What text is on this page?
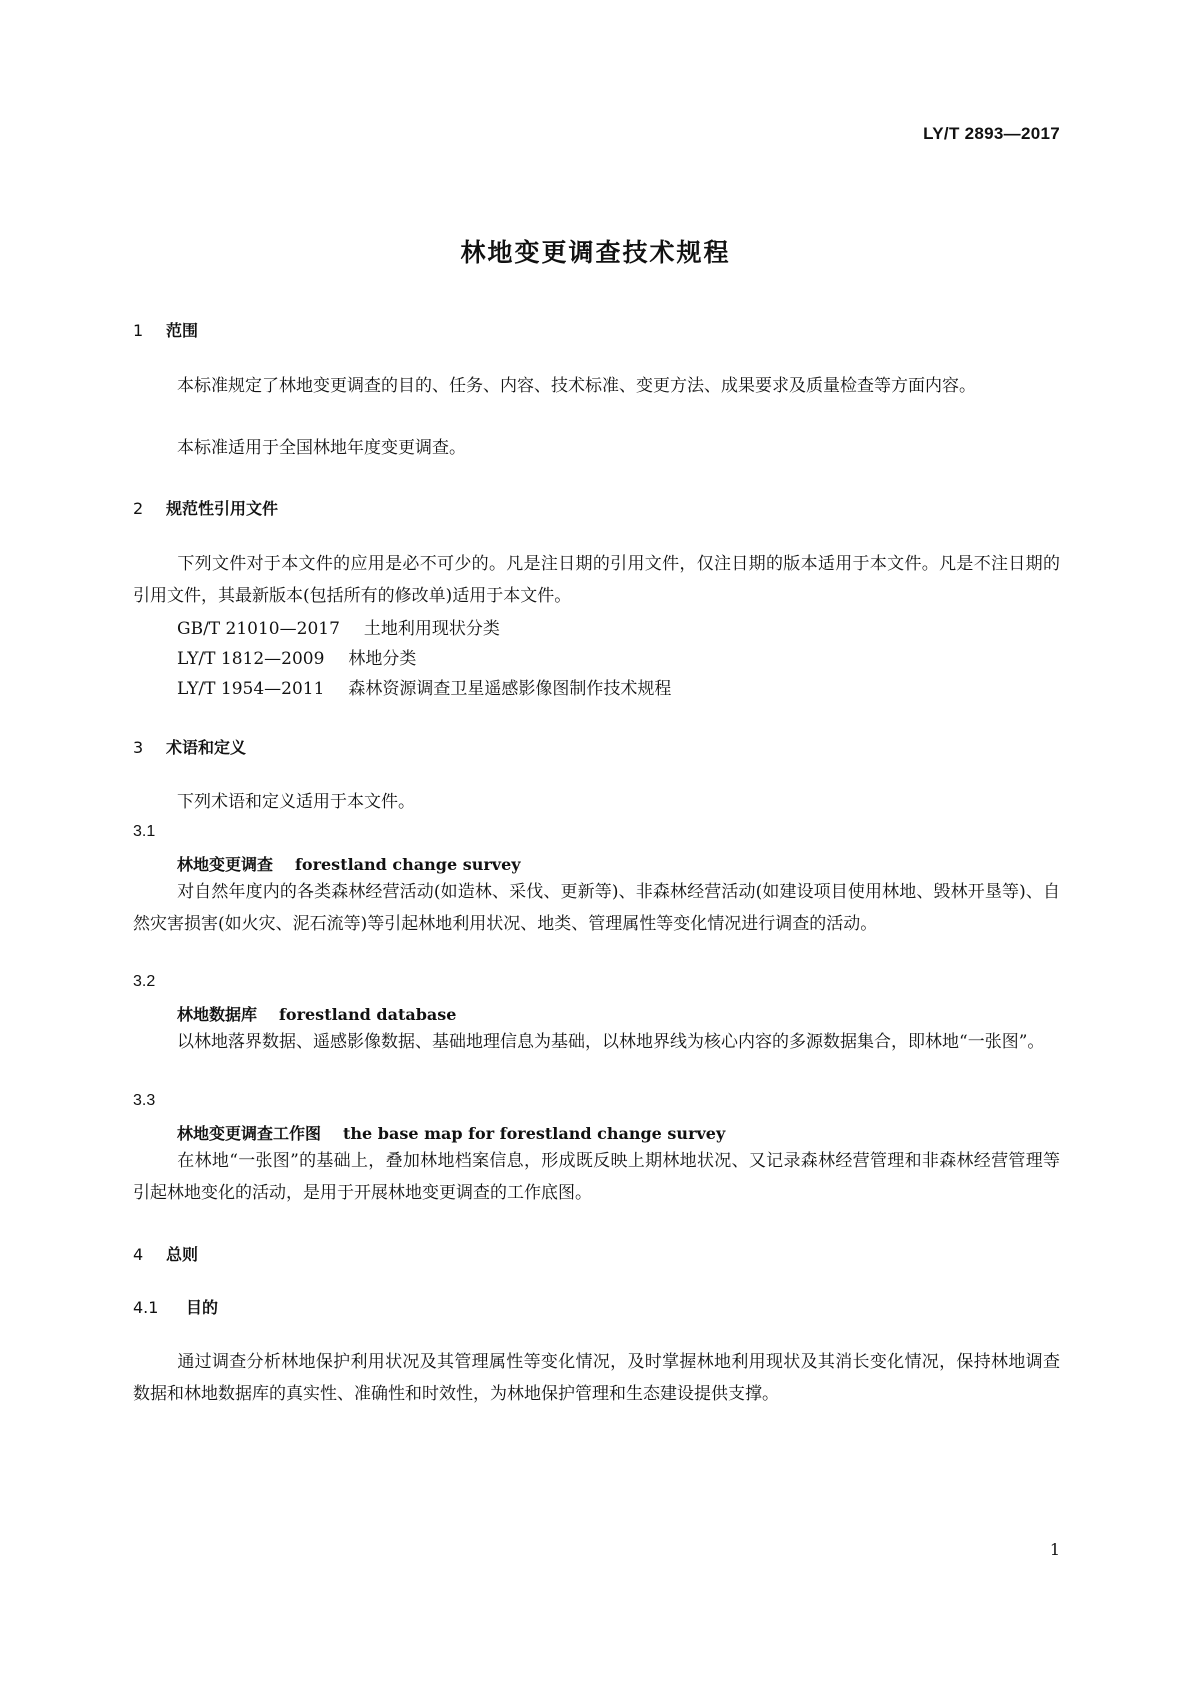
LY/T 2893—2017
林地变更调查技术规程
1 范围

本标准规定了林地变更调查的目的、任务、内容、技术标准、变更方法、成果要求及质量检查等方面内容。

本标准适用于全国林地年度变更调查。

2 规范性引用文件

下列文件对于本文件的应用是必不可少的。凡是注日期的引用文件，仅注日期的版本适用于本文件。凡是不注日期的引用文件，其最新版本(包括所有的修改单)适用于本文件。

GB/T 21010—2017 土地利用现状分类
LY/T 1812—2009 林地分类
LY/T 1954—2011 森林资源调查卫星遥感影像图制作技术规程
3 术语和定义

下列术语和定义适用于本文件。

3.1
林地变更调查 forestland change survey

对自然年度内的各类森林经营活动(如造林、采伐、更新等)、非森林经营活动(如建设项目使用林地、毁林开垦等)、自然灾害损害(如火灾、泥石流等)等引起林地利用状况、地类、管理属性等变化情况进行调查的活动。

3.2
林地数据库 forestland database

以林地落界数据、遥感影像数据、基础地理信息为基础，以林地界线为核心内容的多源数据集合，即林地“一张图”。

3.3
林地变更调查工作图 the base map for forestland change survey

在林地“一张图”的基础上，叠加林地档案信息，形成既反映上期林地状况、又记录森林经营管理和非森林经营管理等引起林地变化的活动，是用于开展林地变更调查的工作底图。

4 总则
4.1 目的

通过调查分析林地保护利用状况及其管理属性等变化情况，及时掌握林地利用现状及其消长变化情况，保持林地调查数据和林地数据库的真实性、准确性和时效性，为林地保护管理和生态建设提供支撑。

1
